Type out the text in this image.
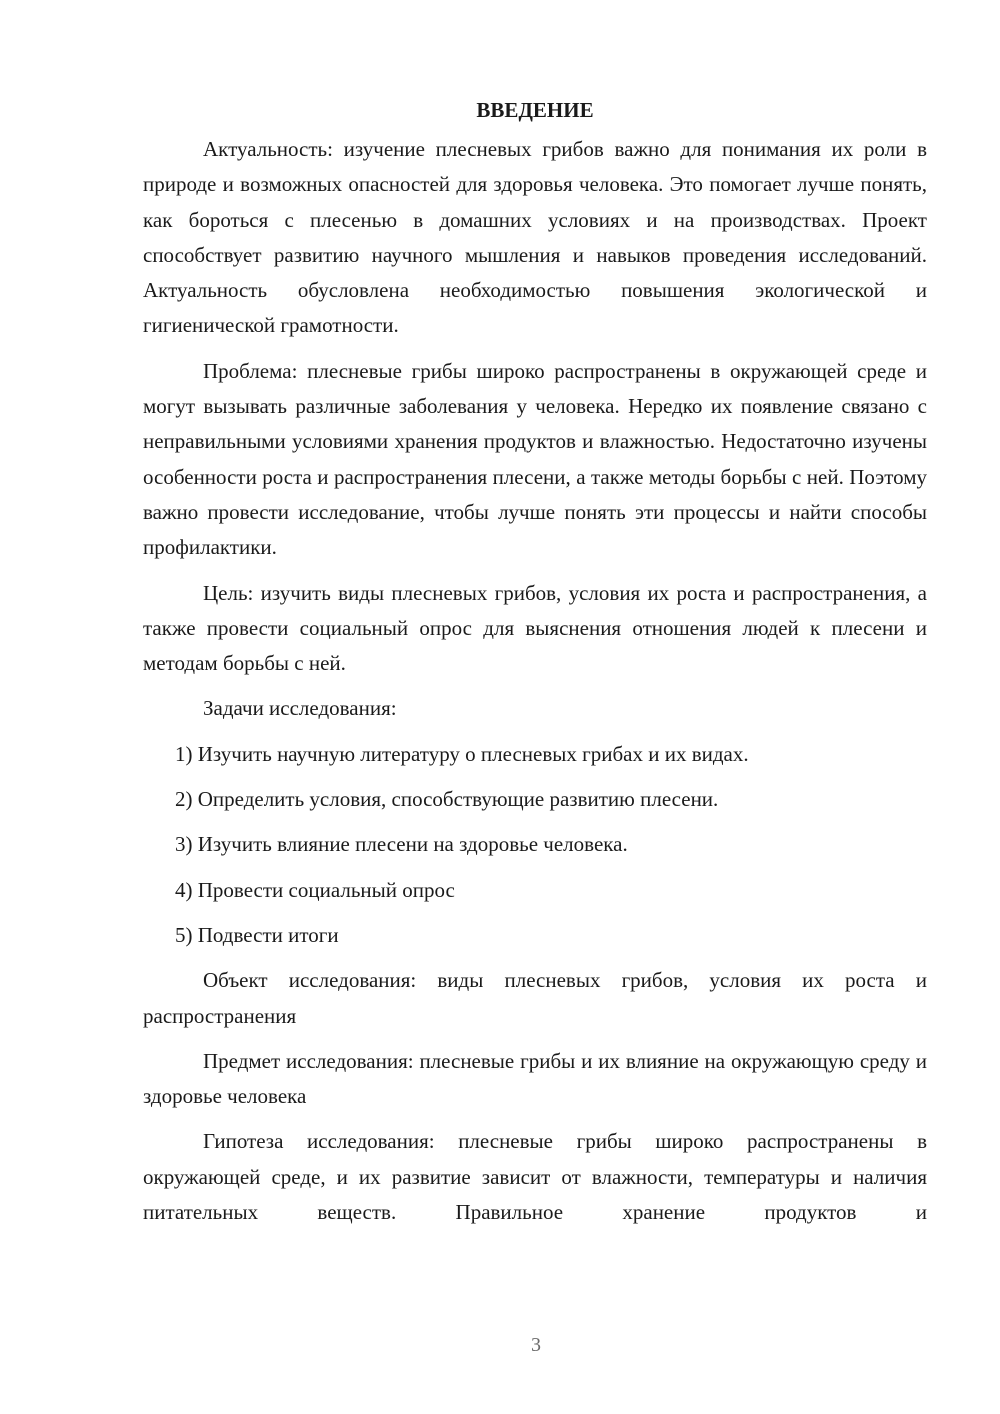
ВВЕДЕНИЕ

Актуальность: изучение плесневых грибов важно для понимания их роли в природе и возможных опасностей для здоровья человека. Это помогает лучше понять, как бороться с плесенью в домашних условиях и на производствах. Проект способствует развитию научного мышления и навыков проведения исследований. Актуальность обусловлена необходимостью повышения экологической и гигиенической грамотности.

Проблема: плесневые грибы широко распространены в окружающей среде и могут вызывать различные заболевания у человека. Нередко их появление связано с неправильными условиями хранения продуктов и влажностью. Недостаточно изучены особенности роста и распространения плесени, а также методы борьбы с ней. Поэтому важно провести исследование, чтобы лучше понять эти процессы и найти способы профилактики.

Цель: изучить виды плесневых грибов, условия их роста и распространения, а также провести социальный опрос для выяснения отношения людей к плесени и методам борьбы с ней.

Задачи исследования:

1) Изучить научную литературу о плесневых грибах и их видах.

2) Определить условия, способствующие развитию плесени.

3) Изучить влияние плесени на здоровье человека.

4) Провести социальный опрос

5) Подвести итоги

Объект исследования: виды плесневых грибов, условия их роста и распространения

Предмет исследования: плесневые грибы и их влияние на окружающую среду и здоровье человека

Гипотеза исследования: плесневые грибы широко распространены в окружающей среде, и их развитие зависит от влажности, температуры и наличия питательных веществ. Правильное хранение продуктов и

3
